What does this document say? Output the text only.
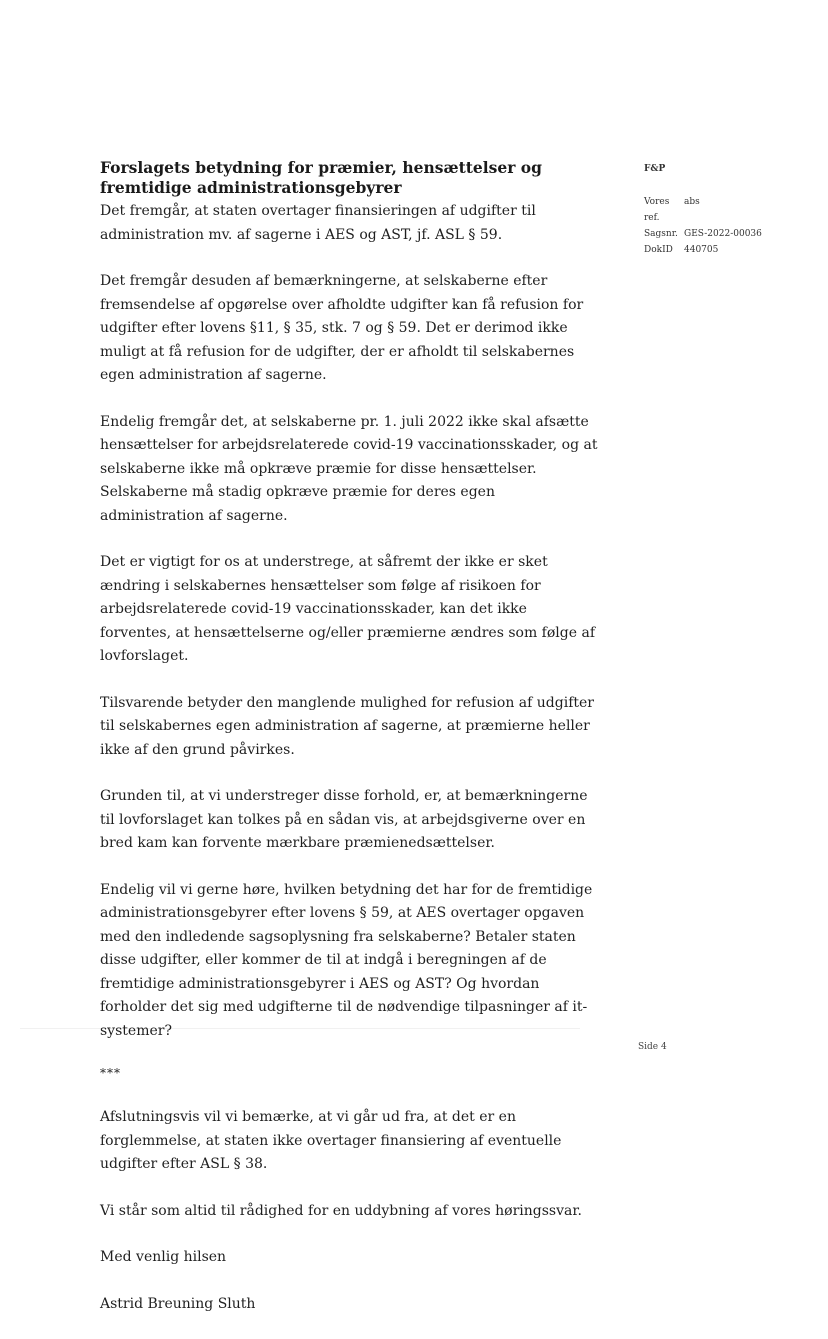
Forslagets betydning for præmier, hensættelser og fremtidige administrationsgebyrer

Det fremgår, at staten overtager finansieringen af udgifter til administration mv. af sagerne i AES og AST, jf. ASL § 59.

Det fremgår desuden af bemærkningerne, at selskaberne efter fremsendelse af opgørelse over afholdte udgifter kan få refusion for udgifter efter lovens §11, § 35, stk. 7 og § 59. Det er derimod ikke muligt at få refusion for de udgifter, der er afholdt til selskabernes egen administration af sagerne.

Endelig fremgår det, at selskaberne pr. 1. juli 2022 ikke skal afsætte hensættelser for arbejdsrelaterede covid-19 vaccinationsskader, og at selskaberne ikke må opkræve præmie for disse hensættelser. Selskaberne må stadig opkræve præmie for deres egen administration af sagerne.

Det er vigtigt for os at understrege, at såfremt der ikke er sket ændring i selskabernes hensættelser som følge af risikoen for arbejdsrelaterede covid-19 vaccinationsskader, kan det ikke forventes, at hensættelserne og/eller præmierne ændres som følge af lovforslaget.

Tilsvarende betyder den manglende mulighed for refusion af udgifter til selskabernes egen administration af sagerne, at præmierne heller ikke af den grund påvirkes.

Grunden til, at vi understreger disse forhold, er, at bemærkningerne til lovforslaget kan tolkes på en sådan vis, at arbejdsgiverne over en bred kam kan forvente mærkbare præmienedsættelser.

Endelig vil vi gerne høre, hvilken betydning det har for de fremtidige administrationsgebyrer efter lovens § 59, at AES overtager opgaven med den indledende sagsoplysning fra selskaberne? Betaler staten disse udgifter, eller kommer de til at indgå i beregningen af de fremtidige administrationsgebyrer i AES og AST? Og hvordan forholder det sig med udgifterne til de nødvendige tilpasninger af it-systemer?

***

Afslutningsvis vil vi bemærke, at vi går ud fra, at det er en forglemmelse, at staten ikke overtager finansiering af eventuelle udgifter efter ASL § 38.

Vi står som altid til rådighed for en uddybning af vores høringssvar.

Med venlig hilsen

Astrid Breuning Sluth

F&P
Vores ref.
abs
Sagsnr. GES-2022-00036
DokID	440705
Side 4
